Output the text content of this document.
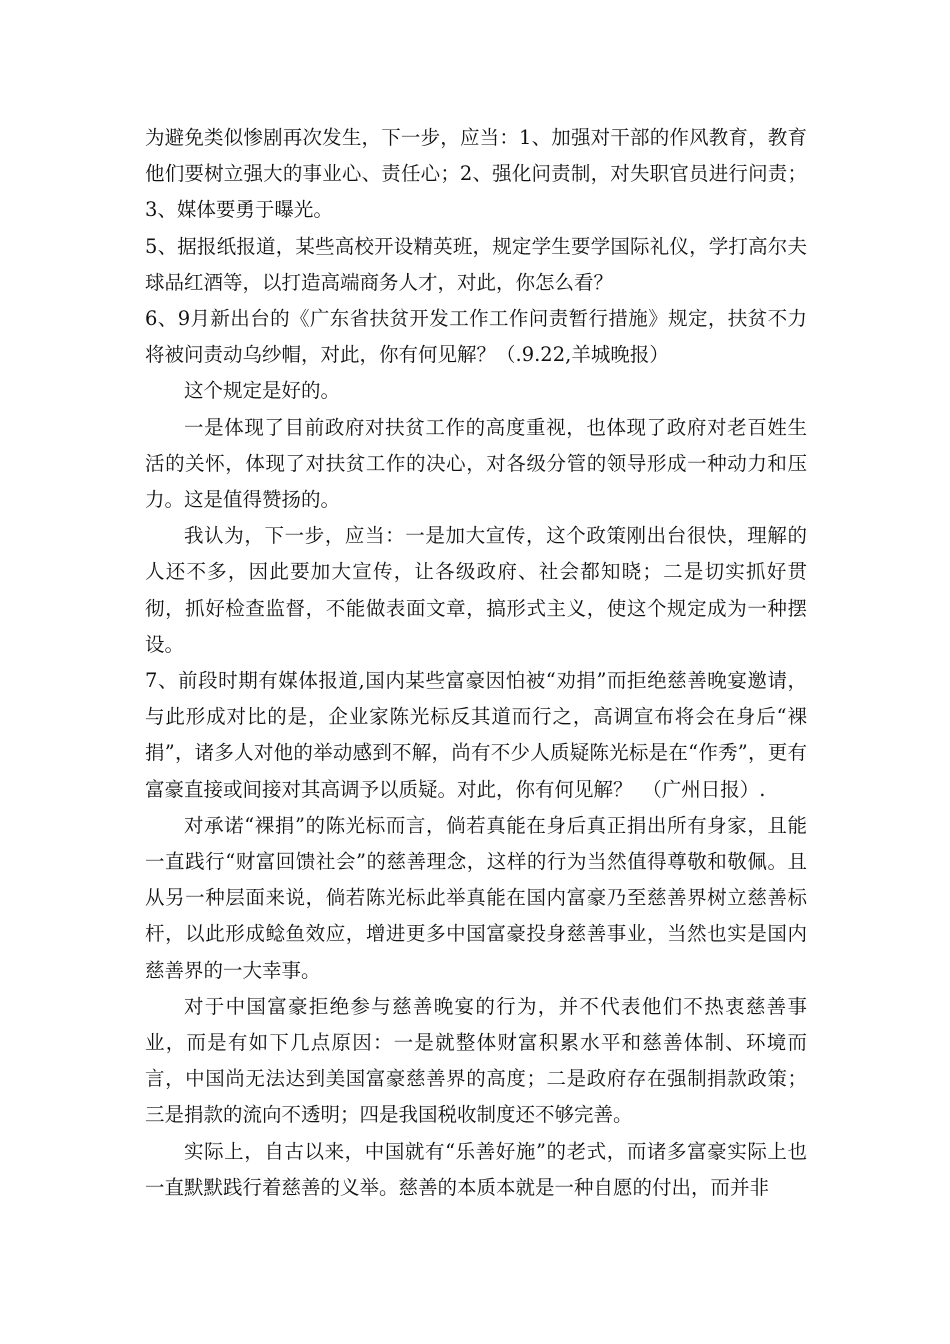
为避免类似惨剧再次发生，下一步，应当：1、加强对干部的作风教育，教育他们要树立强大的事业心、责任心；2、强化问责制，对失职官员进行问责；3、媒体要勇于曝光。

5、据报纸报道，某些高校开设精英班，规定学生要学国际礼仪，学打高尔夫球品红酒等，以打造高端商务人才，对此，你怎么看？

6、9月新出台的《广东省扶贫开发工作工作问责暂行措施》规定，扶贫不力将被问责动乌纱帽，对此，你有何见解？（.9.22,羊城晚报）

这个规定是好的。

一是体现了目前政府对扶贫工作的高度重视，也体现了政府对老百姓生活的关怀，体现了对扶贫工作的决心，对各级分管的领导形成一种动力和压力。这是值得赞扬的。

我认为，下一步，应当：一是加大宣传，这个政策刚出台很快，理解的人还不多，因此要加大宣传，让各级政府、社会都知晓；二是切实抓好贯彻，抓好检查监督，不能做表面文章，搞形式主义，使这个规定成为一种摆设。

7、前段时期有媒体报道,国内某些富豪因怕被“劝捐”而拒绝慈善晚宴邀请，与此形成对比的是，企业家陈光标反其道而行之，高调宣布将会在身后“裸捐”，诸多人对他的举动感到不解，尚有不少人质疑陈光标是在“作秀”，更有富豪直接或间接对其高调予以质疑。对此，你有何见解？　（广州日报）.

对承诺“裸捐”的陈光标而言，倘若真能在身后真正捐出所有身家，且能一直践行“财富回馈社会”的慈善理念，这样的行为当然值得尊敬和敬佩。且从另一种层面来说，倘若陈光标此举真能在国内富豪乃至慈善界树立慈善标杆，以此形成鲶鱼效应，增进更多中国富豪投身慈善事业，当然也实是国内慈善界的一大幸事。

对于中国富豪拒绝参与慈善晚宴的行为，并不代表他们不热衷慈善事业，而是有如下几点原因：一是就整体财富积累水平和慈善体制、环境而言，中国尚无法达到美国富豪慈善界的高度；二是政府存在强制捐款政策；三是捐款的流向不透明；四是我国税收制度还不够完善。

实际上，自古以来，中国就有“乐善好施”的老式，而诸多富豪实际上也一直默默践行着慈善的义举。慈善的本质本就是一种自愿的付出，而并非
